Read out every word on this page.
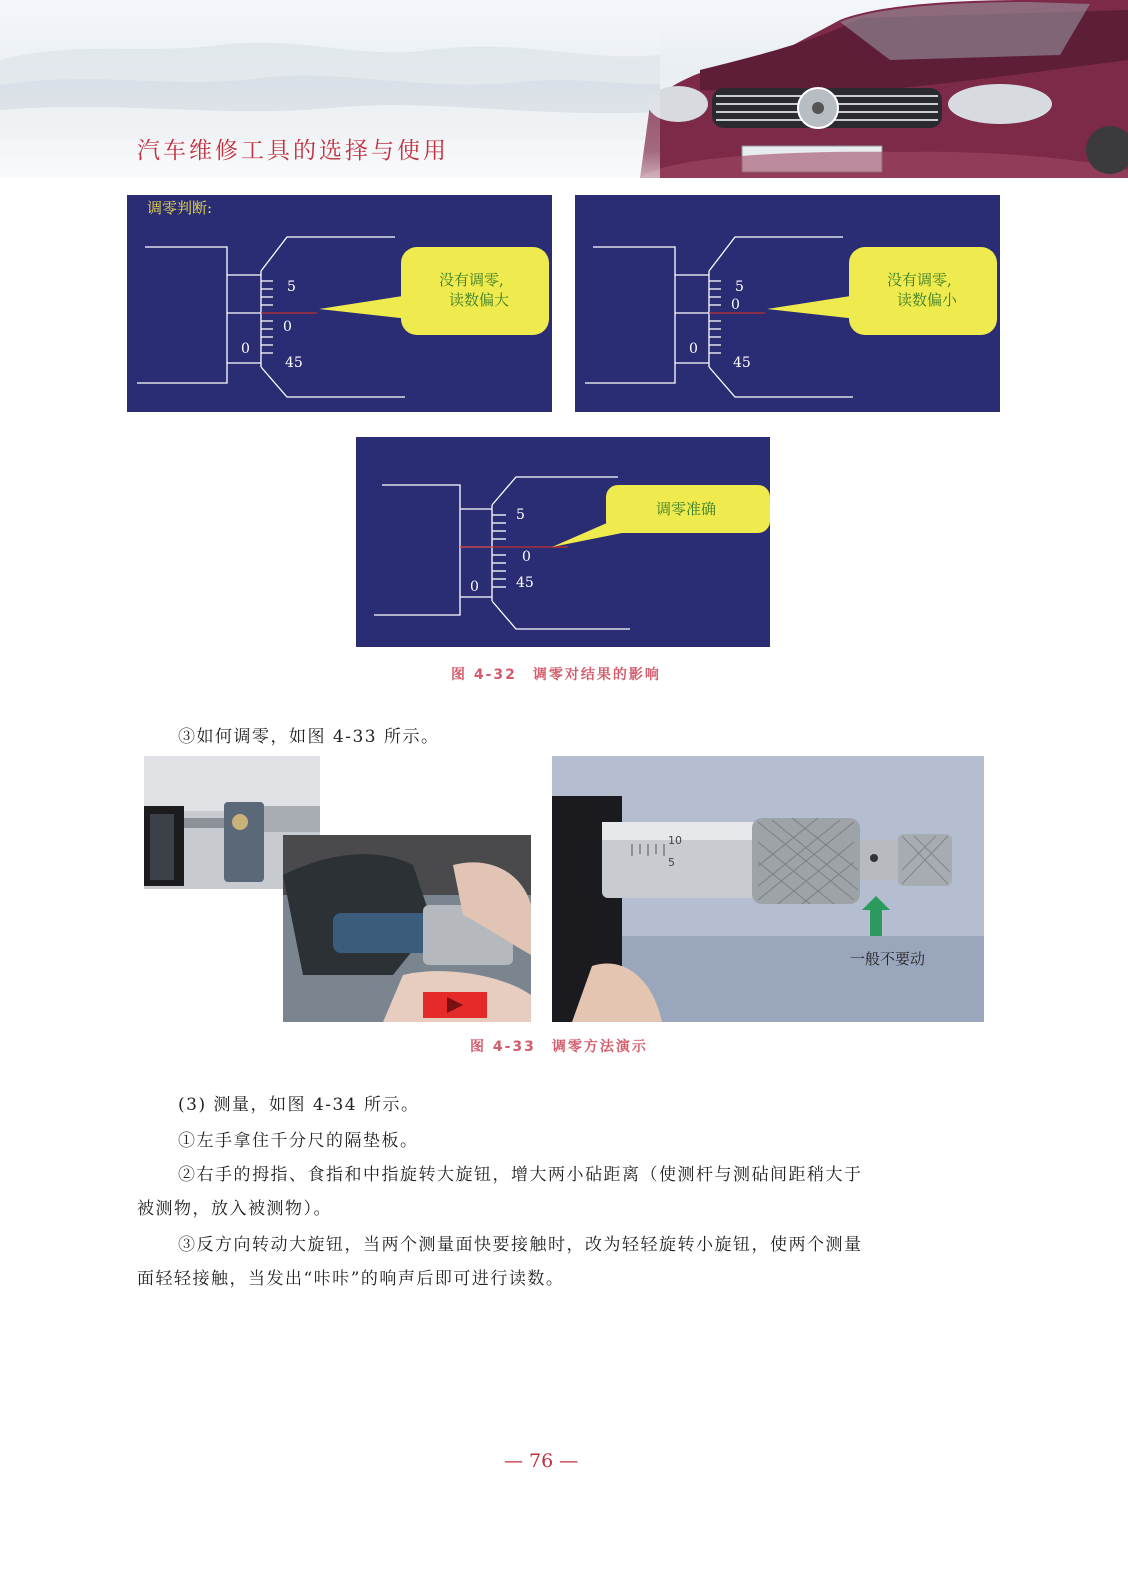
汽车维修工具的选择与使用
调零判断:
5
0
45
0
没有调零,
读数偏大
5
0
45
0
没有调零,
读数偏小
5
0
45
0
调零准确
图 4-32　调零对结果的影响
③如何调零，如图 4-33 所示。
10
5
一般不要动
图 4-33　调零方法演示
(3) 测量，如图 4-34 所示。
①左手拿住千分尺的隔垫板。
②右手的拇指、食指和中指旋转大旋钮，增大两小砧距离（使测杆与测砧间距稍大于
被测物，放入被测物）。
③反方向转动大旋钮，当两个测量面快要接触时，改为轻轻旋转小旋钮，使两个测量
面轻轻接触，当发出“咔咔”的响声后即可进行读数。
— 76 —
